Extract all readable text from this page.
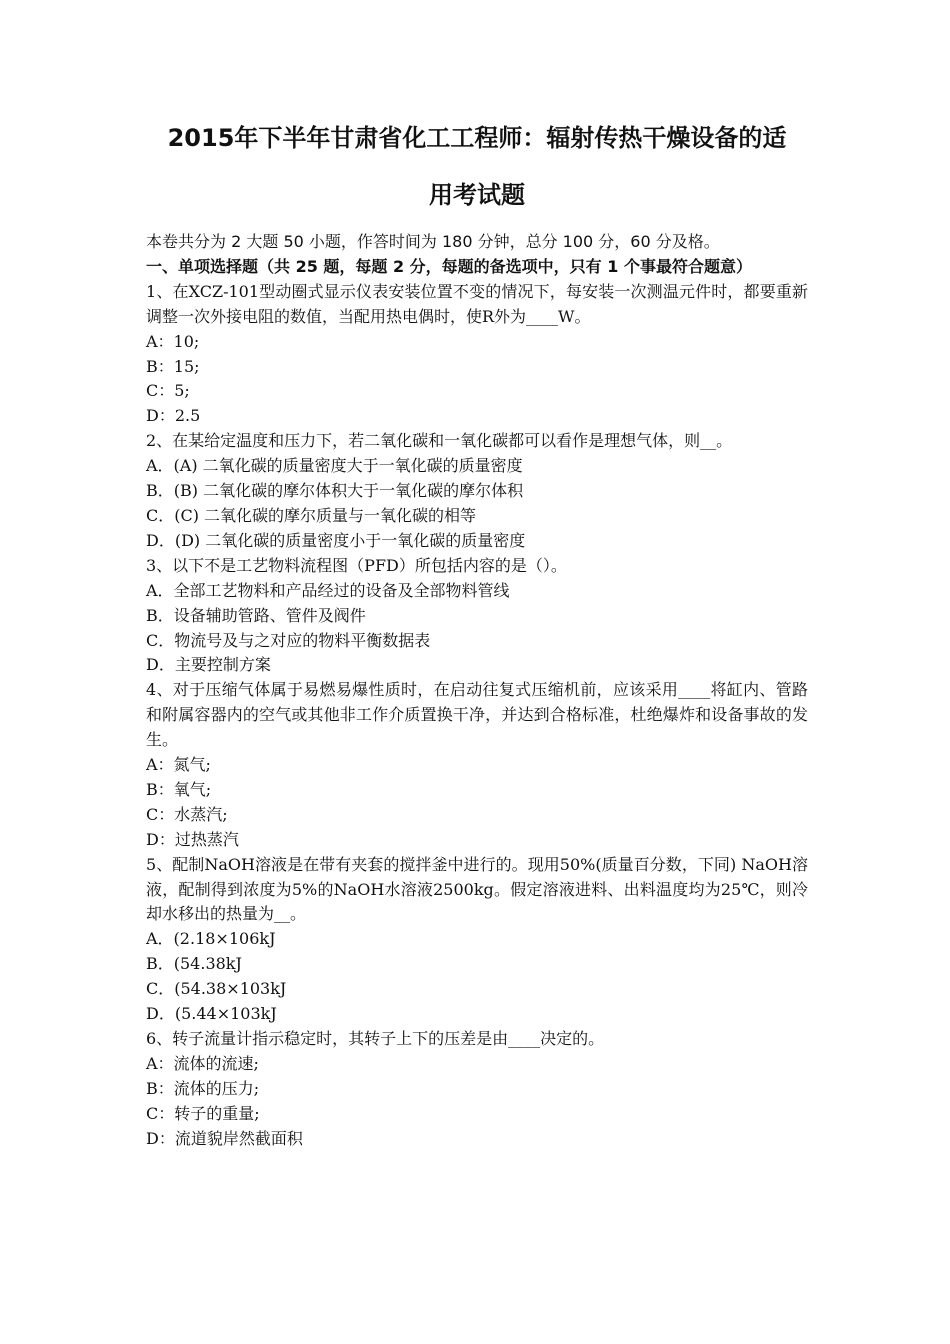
2015年下半年甘肃省化工工程师：辐射传热干燥设备的适
用考试题

本卷共分为 2 大题 50 小题，作答时间为 180 分钟，总分 100 分，60 分及格。

一、单项选择题（共 25 题，每题 2 分，每题的备选项中，只有 1 个事最符合题意）

1、在XCZ-101型动圈式显示仪表安装位置不变的情况下，每安装一次测温元件时，都要重新调整一次外接电阻的数值，当配用热电偶时，使R外为____W。

A：10;

B：15;

C：5;

D：2.5

2、在某给定温度和压力下，若二氧化碳和一氧化碳都可以看作是理想气体，则__。

A．(A) 二氧化碳的质量密度大于一氧化碳的质量密度

B．(B) 二氧化碳的摩尔体积大于一氧化碳的摩尔体积

C．(C) 二氧化碳的摩尔质量与一氧化碳的相等

D．(D) 二氧化碳的质量密度小于一氧化碳的质量密度

3、以下不是工艺物料流程图（PFD）所包括内容的是（）。

A．全部工艺物料和产品经过的设备及全部物料管线

B．设备辅助管路、管件及阀件

C．物流号及与之对应的物料平衡数据表

D．主要控制方案

4、对于压缩气体属于易燃易爆性质时，在启动往复式压缩机前，应该采用____将缸内、管路和附属容器内的空气或其他非工作介质置换干净，并达到合格标准，杜绝爆炸和设备事故的发生。

A：氮气;

B：氧气;

C：水蒸汽;

D：过热蒸汽

5、配制NaOH溶液是在带有夹套的搅拌釜中进行的。现用50%(质量百分数，下同) NaOH溶液，配制得到浓度为5%的NaOH水溶液2500kg。假定溶液进料、出料温度均为25℃，则冷却水移出的热量为__。

A．(2.18×106kJ

B．(54.38kJ

C．(54.38×103kJ

D．(5.44×103kJ

6、转子流量计指示稳定时，其转子上下的压差是由____决定的。

A：流体的流速;

B：流体的压力;

C：转子的重量;

D：流道貌岸然截面积
